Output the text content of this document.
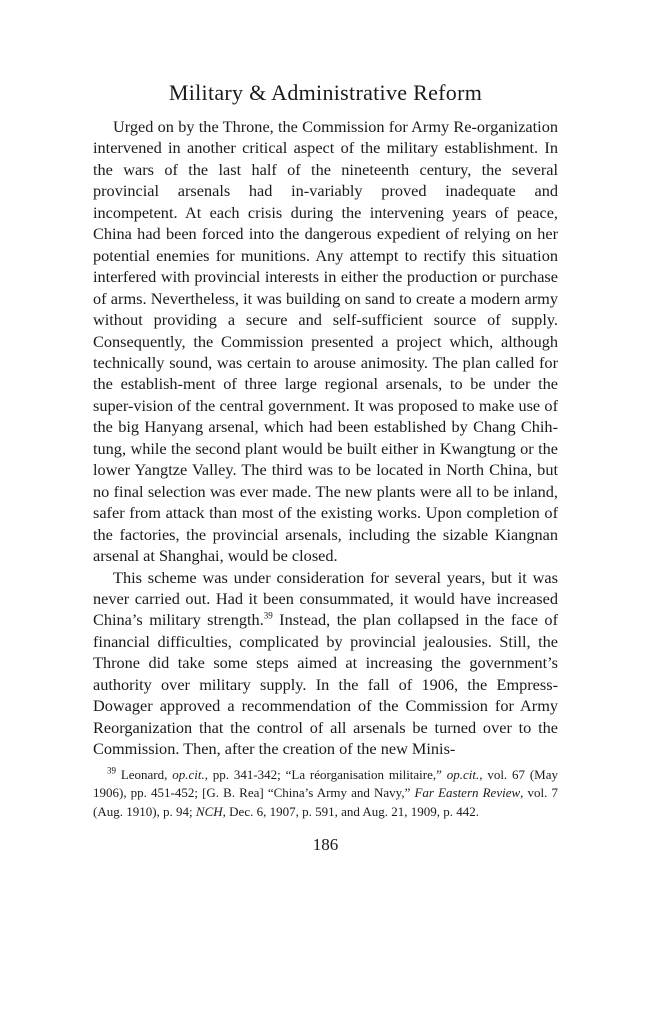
Military & Administrative Reform

Urged on by the Throne, the Commission for Army Re-organization intervened in another critical aspect of the military establishment. In the wars of the last half of the nineteenth century, the several provincial arsenals had in-variably proved inadequate and incompetent. At each crisis during the intervening years of peace, China had been forced into the dangerous expedient of relying on her potential enemies for munitions. Any attempt to rectify this situation interfered with provincial interests in either the production or purchase of arms. Nevertheless, it was building on sand to create a modern army without providing a secure and self-sufficient source of supply. Consequently, the Commission presented a project which, although technically sound, was certain to arouse animosity. The plan called for the establish-ment of three large regional arsenals, to be under the super-vision of the central government. It was proposed to make use of the big Hanyang arsenal, which had been established by Chang Chih-tung, while the second plant would be built either in Kwangtung or the lower Yangtze Valley. The third was to be located in North China, but no final selection was ever made. The new plants were all to be inland, safer from attack than most of the existing works. Upon completion of the factories, the provincial arsenals, including the sizable Kiangnan arsenal at Shanghai, would be closed.

This scheme was under consideration for several years, but it was never carried out. Had it been consummated, it would have increased China’s military strength.$^{39}$ Instead, the plan collapsed in the face of financial difficulties, complicated by provincial jealousies. Still, the Throne did take some steps aimed at increasing the government’s authority over military supply. In the fall of 1906, the Empress-Dowager approved a recommendation of the Commission for Army Reorganization that the control of all arsenals be turned over to the Commission. Then, after the creation of the new Minis-

$^{39}$ Leonard, op.cit., pp. 341-342; “La réorganisation militaire,” op.cit., vol. 67 (May 1906), pp. 451-452; [G. B. Rea] “China’s Army and Navy,” Far Eastern Review, vol. 7 (Aug. 1910), p. 94; NCH, Dec. 6, 1907, p. 591, and Aug. 21, 1909, p. 442.

186
